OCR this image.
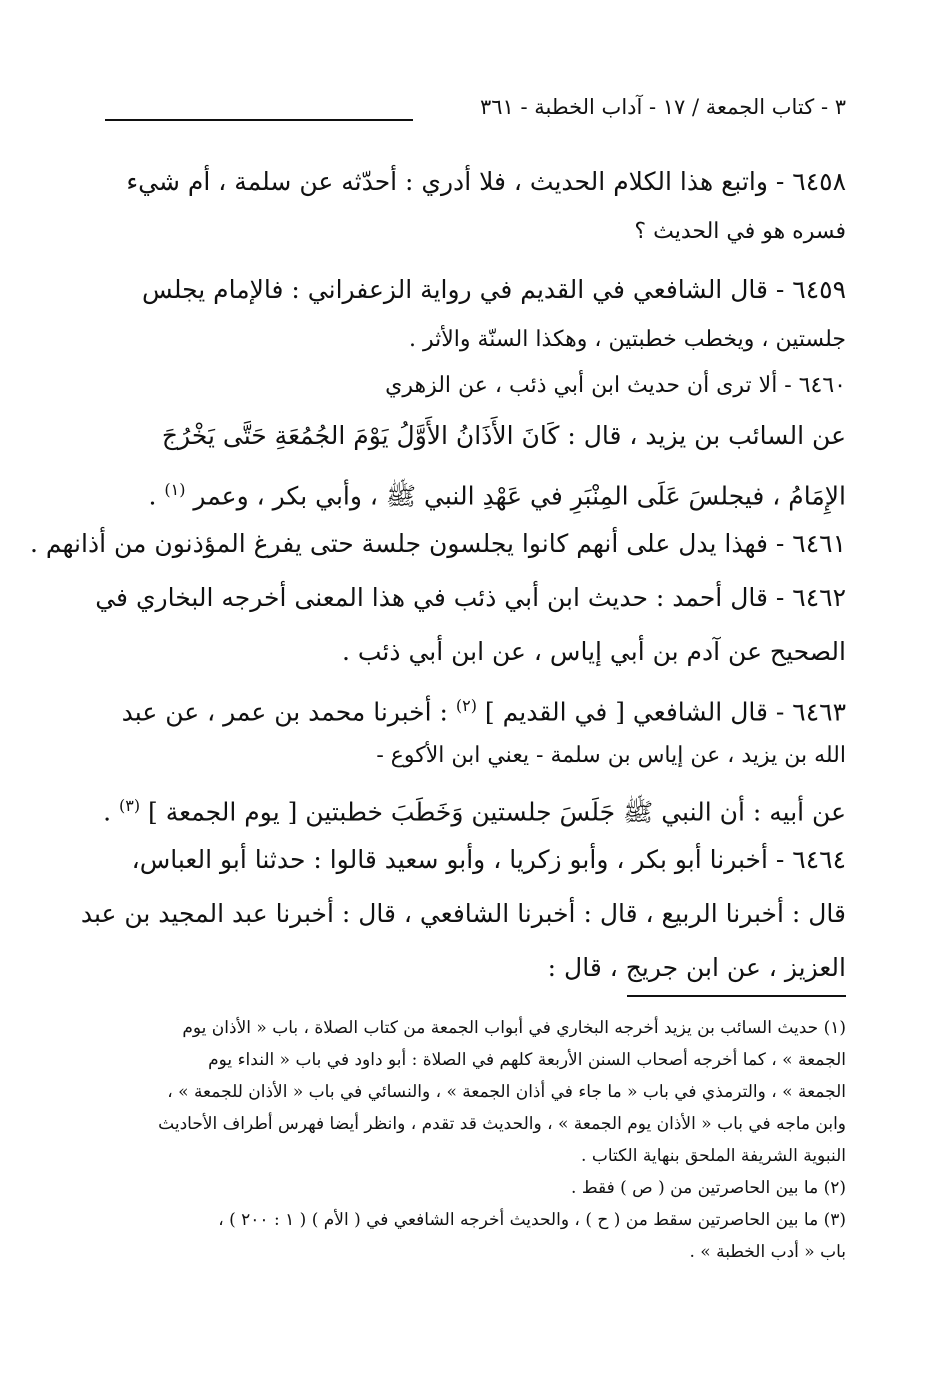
٣ - كتاب الجمعة / ١٧ - آداب الخطبة - ٣٦١
٦٤٥٨ - واتبع هذا الكلام الحديث ، فلا أدري : أحدّثه عن سلمة ، أم شيء
فسره هو في الحديث ؟
٦٤٥٩ - قال الشافعي في القديم في رواية الزعفراني : فالإمام يجلس
جلستين ، ويخطب خطبتين ، وهكذا السنّة والأثر .
٦٤٦٠ - ألا ترى أن حديث ابن أبي ذئب ، عن الزهري
عن السائب بن يزيد ، قال : كَانَ الأَذَانُ الأَوَّلُ يَوْمَ الجُمُعَةِ حَتَّى يَخْرُجَ
الإِمَامُ ، فيجلسَ عَلَى المِنْبَرِ في عَهْدِ النبي ﷺ ، وأبي بكر ، وعمر $^{(١)}$ .
٦٤٦١ - فهذا يدل على أنهم كانوا يجلسون جلسة حتى يفرغ المؤذنون من أذانهم .
٦٤٦٢ - قال أحمد : حديث ابن أبي ذئب في هذا المعنى أخرجه البخاري في
الصحيح عن آدم بن أبي إياس ، عن ابن أبي ذئب .
٦٤٦٣ - قال الشافعي [ في القديم ] $^{(٢)}$ : أخبرنا محمد بن عمر ، عن عبد
الله بن يزيد ، عن إياس بن سلمة - يعني ابن الأكوع -
عن أبيه : أن النبي ﷺ جَلَسَ جلستين وَخَطَبَ خطبتين [ يوم الجمعة ] $^{(٣)}$ .
٦٤٦٤ - أخبرنا أبو بكر ، وأبو زكريا ، وأبو سعيد قالوا : حدثنا أبو العباس،
قال : أخبرنا الربيع ، قال : أخبرنا الشافعي ، قال : أخبرنا عبد المجيد بن عبد
العزيز ، عن ابن جريج ، قال :
(١) حديث السائب بن يزيد أخرجه البخاري في أبواب الجمعة من كتاب الصلاة ، باب « الأذان يوم
الجمعة » ، كما أخرجه أصحاب السنن الأربعة كلهم في الصلاة : أبو داود في باب « النداء يوم
الجمعة » ، والترمذي في باب « ما جاء في أذان الجمعة » ، والنسائي في باب « الأذان للجمعة » ،
وابن ماجه في باب « الأذان يوم الجمعة » ، والحديث قد تقدم ، وانظر أيضا فهرس أطراف الأحاديث
النبوية الشريفة الملحق بنهاية الكتاب .
(٢) ما بين الحاصرتين من ( ص ) فقط .
(٣) ما بين الحاصرتين سقط من ( ح ) ، والحديث أخرجه الشافعي في ( الأم ) ( ١ : ٢٠٠ ) ،
باب « أدب الخطبة » .
